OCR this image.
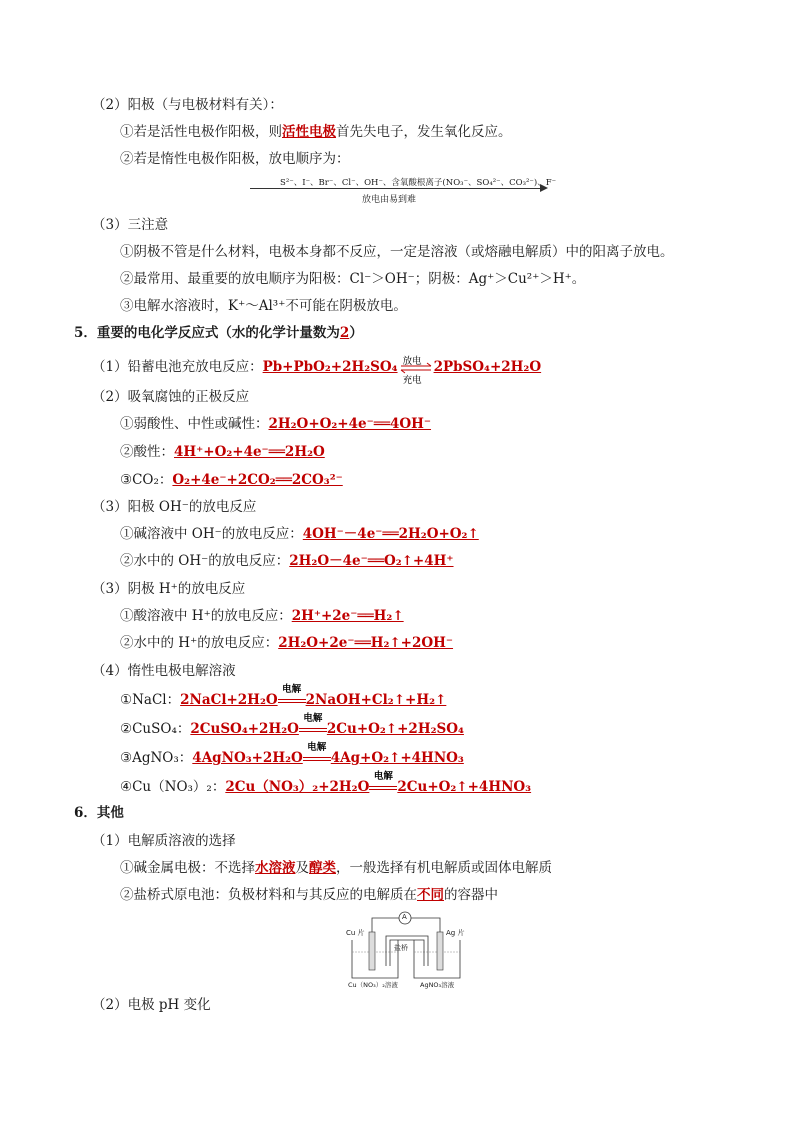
（2）阳极（与电极材料有关）：
①若是活性电极作阳极，则活性电极首先失电子，发生氧化反应。
②若是惰性电极作阳极，放电顺序为：
S²⁻、I⁻、Br⁻、Cl⁻、OH⁻、含氧酸根离子(NO₃⁻、SO₄²⁻、CO₃²⁻)、F⁻
放电由易到难
（3）三注意
①阴极不管是什么材料，电极本身都不反应，一定是溶液（或熔融电解质）中的阳离子放电。
②最常用、最重要的放电顺序为阳极：Cl⁻＞OH⁻；阴极：Ag⁺＞Cu²⁺＞H⁺。
③电解水溶液时，K⁺～Al³⁺不可能在阴极放电。
5．重要的电化学反应式（水的化学计量数为2）
（1）铅蓄电池充放电反应：Pb+PbO₂+2H₂SO₄ 放电
充电
2PbSO₄+2H₂O
（2）吸氧腐蚀的正极反应
①弱酸性、中性或碱性：2H₂O+O₂+4e⁻══4OH⁻
②酸性：4H⁺+O₂+4e⁻══2H₂O
③CO₂：O₂+4e⁻+2CO₂══2CO₃²⁻
（3）阳极 OH⁻的放电反应
①碱溶液中 OH⁻的放电反应：4OH⁻－4e⁻══2H₂O+O₂↑
②水中的 OH⁻的放电反应：2H₂O－4e⁻══O₂↑+4H⁺
（3）阴极 H⁺的放电反应
①酸溶液中 H⁺的放电反应：2H⁺+2e⁻══H₂↑
②水中的 H⁺的放电反应：2H₂O+2e⁻══H₂↑+2OH⁻
（4）惰性电极电解溶液
①NaCl：2NaCl+2H₂O
电解
2NaOH+Cl₂↑+H₂↑
②CuSO₄：2CuSO₄+2H₂O
电解
2Cu+O₂↑+2H₂SO₄
③AgNO₃：4AgNO₃+2H₂O
电解
4Ag+O₂↑+4HNO₃
④Cu（NO₃）₂：2Cu（NO₃）₂+2H₂O
电解
2Cu+O₂↑+4HNO₃
6．其他
（1）电解质溶液的选择
①碱金属电极：不选择水溶液及醇类，一般选择有机电解质或固体电解质
②盐桥式原电池：负极材料和与其反应的电解质在不同的容器中
A
Cu 片	Ag 片
盐桥
Cu（NO₃）₂溶液	AgNO₃溶液
（2）电极 pH 变化
